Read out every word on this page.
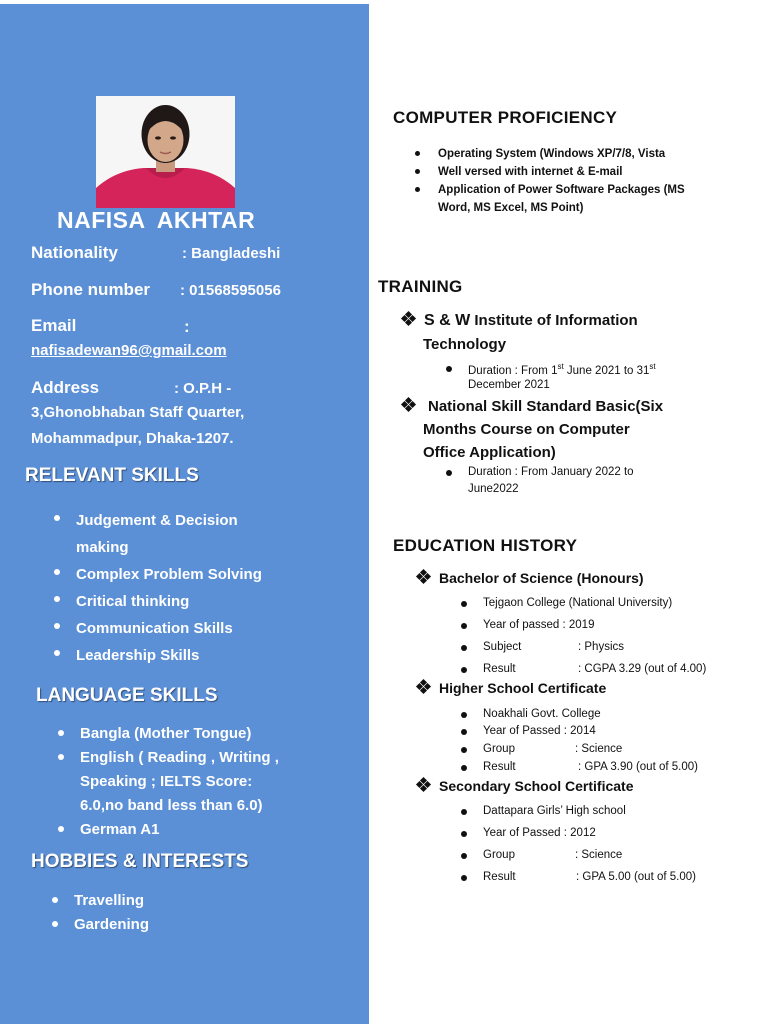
NAFISA AKHTAR
Nationality	: Bangladeshi
Phone number : 01568595056
Email	:
nafisadewan96@gmail.com
Address	: O.P.H -
3,Ghonobhaban Staff Quarter,
Mohammadpur, Dhaka-1207.
RELEVANT SKILLS
Judgement & Decision
making
Complex Problem Solving
Critical thinking
Communication Skills
Leadership Skills
LANGUAGE SKILLS
Bangla (Mother Tongue)
English ( Reading , Writing ,
Speaking ; IELTS Score:
6.0,no band less than 6.0)
German A1
HOBBIES & INTERESTS
Travelling
Gardening
COMPUTER PROFICIENCY
Operating System (Windows XP/7/8, Vista
Well versed with internet & E-mail
Application of Power Software Packages (MS
Word, MS Excel, MS Point)
TRAINING
S & W Institute of Information
Technology
Duration : From 1st June 2021 to 31st
December 2021
National Skill Standard Basic(Six
Months Course on Computer
Office Application)
Duration : From January 2022 to
June2022
EDUCATION HISTORY
Bachelor of Science (Honours)
Tejgaon College (National University)
Year of passed : 2019
Subject	: Physics
Result	: CGPA 3.29 (out of 4.00)
Higher School Certificate
Noakhali Govt. College
Year of Passed : 2014
Group	: Science
Result	: GPA 3.90 (out of 5.00)
Secondary School Certificate
Dattapara Girls’ High school
Year of Passed : 2012
Group	: Science
Result	: GPA 5.00 (out of 5.00)
